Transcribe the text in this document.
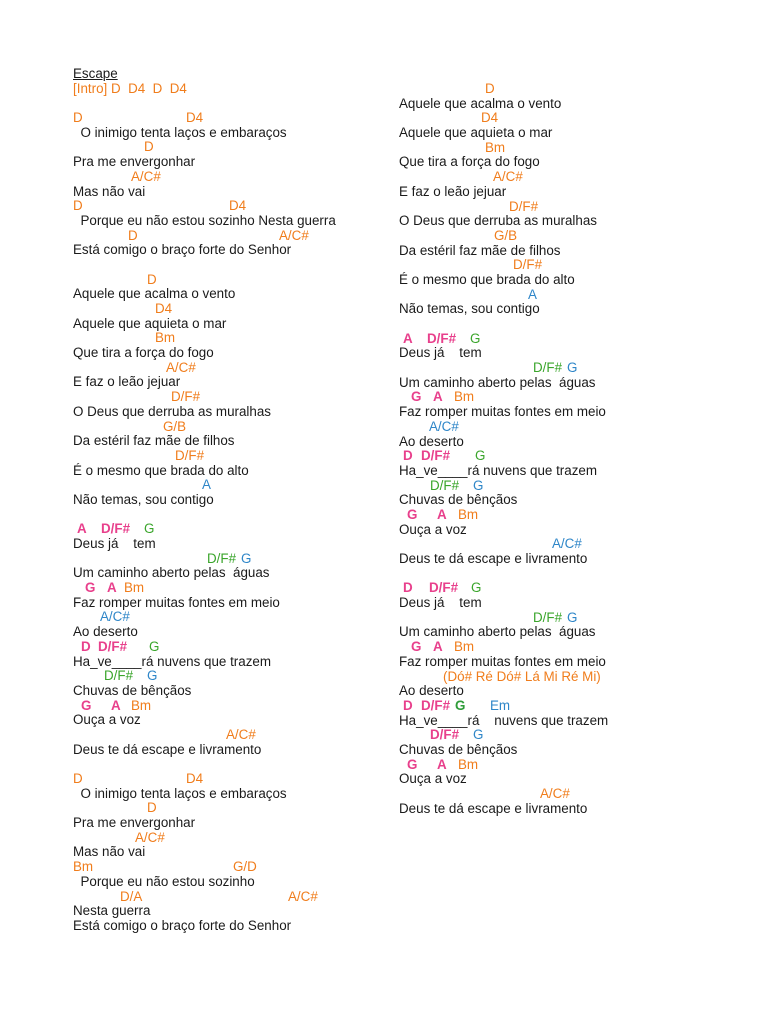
Escape
[Intro] D  D4  D  D4
D	D4
O inimigo tenta laços e embaraços
D
Pra me envergonhar
A/C#
Mas não vai
D	D4
Porque eu não estou sozinho Nesta guerra
D	A/C#
Está comigo o braço forte do Senhor
D
Aquele que acalma o vento
D4
Aquele que aquieta o mar
Bm
Que tira a força do fogo
A/C#
E faz o leão jejuar
D/F#
O Deus que derruba as muralhas
G/B
Da estéril faz mãe de filhos
D/F#
É o mesmo que brada do alto
A
Não temas, sou contigo
A D/F# G
Deus já    tem
D/F# G
Um caminho aberto pelas  águas
G A Bm
Faz romper muitas fontes em meio
A/C#
Ao deserto
D D/F# G
Ha_ve____rá nuvens que trazem
D/F# G
Chuvas de bênçãos
G A Bm
Ouça a voz
A/C#
Deus te dá escape e livramento
D	D4
O inimigo tenta laços e embaraços
D
Pra me envergonhar
A/C#
Mas não vai
Bm	G/D
Porque eu não estou sozinho
D/A	A/C#
Nesta guerra
Está comigo o braço forte do Senhor
D
Aquele que acalma o vento
D4
Aquele que aquieta o mar
Bm
Que tira a força do fogo
A/C#
E faz o leão jejuar
D/F#
O Deus que derruba as muralhas
G/B
Da estéril faz mãe de filhos
D/F#
É o mesmo que brada do alto
A
Não temas, sou contigo
A D/F# G
Deus já    tem
D/F# G
Um caminho aberto pelas  águas
G A Bm
Faz romper muitas fontes em meio
A/C#
Ao deserto
D D/F# G
Ha_ve____rá nuvens que trazem
D/F# G
Chuvas de bênçãos
G A Bm
Ouça a voz
A/C#
Deus te dá escape e livramento
D D/F# G
Deus já    tem
D/F# G
Um caminho aberto pelas  águas
G A Bm
Faz romper muitas fontes em meio
(Dó# Ré Dó# Lá Mi Ré Mi)
Ao deserto
D D/F# G Em
Ha_ve____rá    nuvens que trazem
D/F# G
Chuvas de bênçãos
G A Bm
Ouça a voz
A/C#
Deus te dá escape e livramento
